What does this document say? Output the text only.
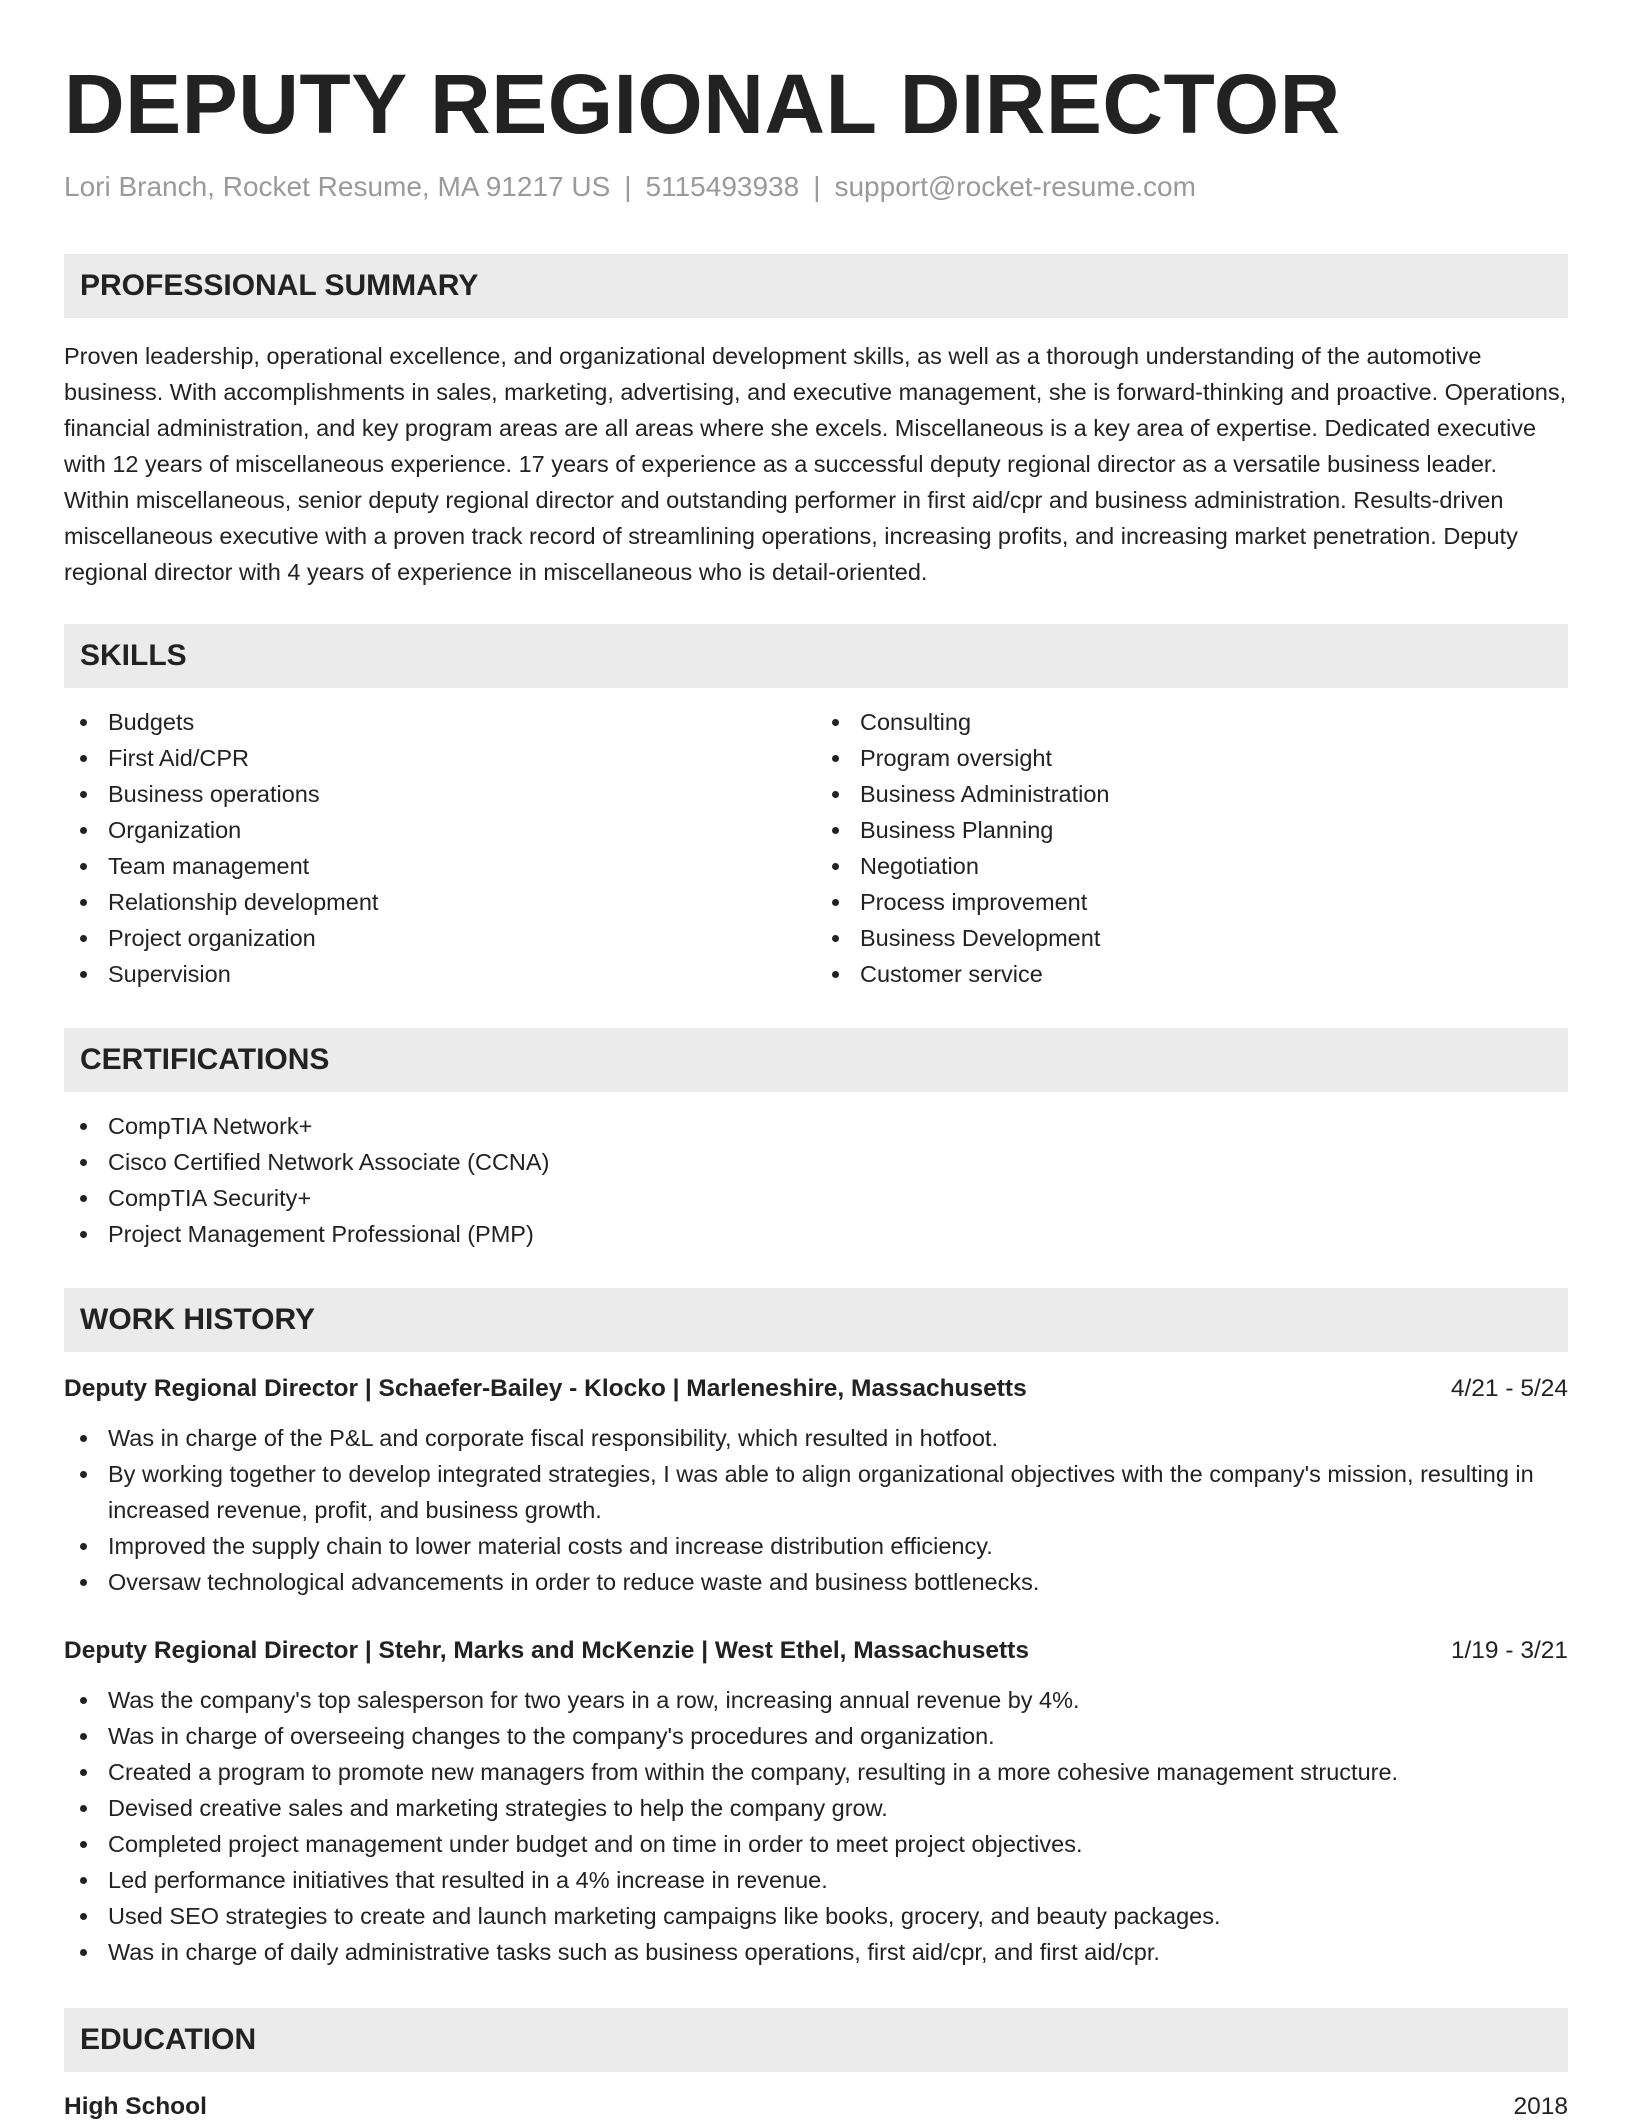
DEPUTY REGIONAL DIRECTOR
Lori Branch, Rocket Resume, MA 91217 US | 5115493938 | support@rocket-resume.com
PROFESSIONAL SUMMARY

Proven leadership, operational excellence, and organizational development skills, as well as a thorough understanding of the automotive business. With accomplishments in sales, marketing, advertising, and executive management, she is forward-thinking and proactive. Operations, financial administration, and key program areas are all areas where she excels. Miscellaneous is a key area of expertise. Dedicated executive with 12 years of miscellaneous experience. 17 years of experience as a successful deputy regional director as a versatile business leader. Within miscellaneous, senior deputy regional director and outstanding performer in first aid/cpr and business administration. Results-driven miscellaneous executive with a proven track record of streamlining operations, increasing profits, and increasing market penetration. Deputy regional director with 4 years of experience in miscellaneous who is detail-oriented.

SKILLS
Budgets
First Aid/CPR
Business operations
Organization
Team management
Relationship development
Project organization
Supervision
Consulting
Program oversight
Business Administration
Business Planning
Negotiation
Process improvement
Business Development
Customer service
CERTIFICATIONS
CompTIA Network+
Cisco Certified Network Associate (CCNA)
CompTIA Security+
Project Management Professional (PMP)
WORK HISTORY
Deputy Regional Director | Schaefer-Bailey - Klocko | Marleneshire, Massachusetts	4/21 - 5/24
Was in charge of the P&L and corporate fiscal responsibility, which resulted in hotfoot.
By working together to develop integrated strategies, I was able to align organizational objectives with the company's mission, resulting in increased revenue, profit, and business growth.
Improved the supply chain to lower material costs and increase distribution efficiency.
Oversaw technological advancements in order to reduce waste and business bottlenecks.
Deputy Regional Director | Stehr, Marks and McKenzie | West Ethel, Massachusetts	1/19 - 3/21
Was the company's top salesperson for two years in a row, increasing annual revenue by 4%.
Was in charge of overseeing changes to the company's procedures and organization.
Created a program to promote new managers from within the company, resulting in a more cohesive management structure.
Devised creative sales and marketing strategies to help the company grow.
Completed project management under budget and on time in order to meet project objectives.
Led performance initiatives that resulted in a 4% increase in revenue.
Used SEO strategies to create and launch marketing campaigns like books, grocery, and beauty packages.
Was in charge of daily administrative tasks such as business operations, first aid/cpr, and first aid/cpr.
EDUCATION
High School	2018
